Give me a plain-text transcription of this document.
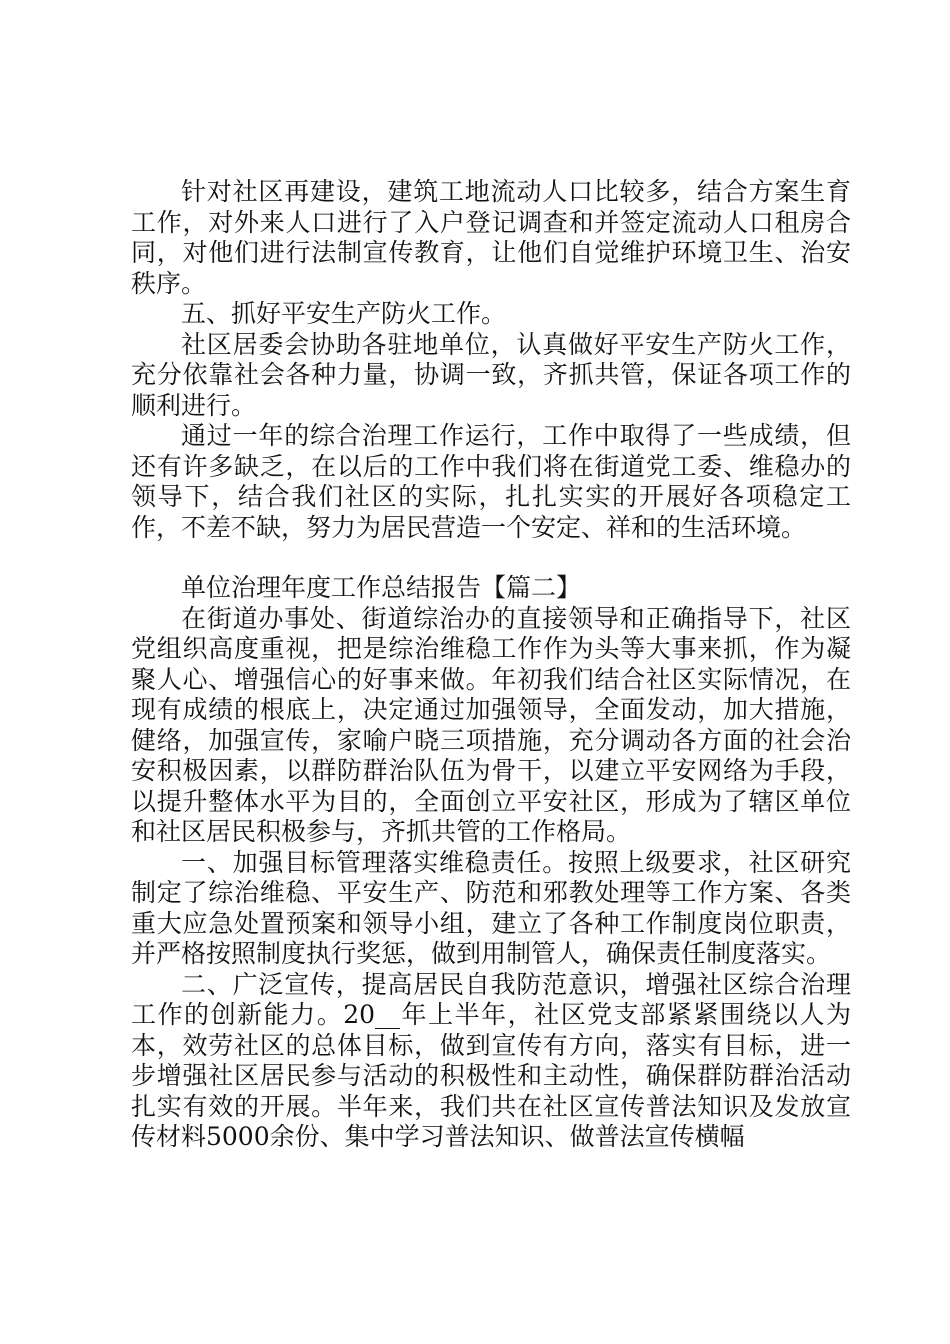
针对社区再建设，建筑工地流动人口比较多，结合方案生育工作，对外来人口进行了入户登记调查和并签定流动人口租房合同，对他们进行法制宣传教育，让他们自觉维护环境卫生、治安秩序。

五、抓好平安生产防火工作。

社区居委会协助各驻地单位，认真做好平安生产防火工作，充分依靠社会各种力量，协调一致，齐抓共管，保证各项工作的顺利进行。

通过一年的综合治理工作运行，工作中取得了一些成绩，但还有许多缺乏，在以后的工作中我们将在街道党工委、维稳办的领导下，结合我们社区的实际，扎扎实实的开展好各项稳定工作，不差不缺，努力为居民营造一个安定、祥和的生活环境。

单位治理年度工作总结报告【篇二】

在街道办事处、街道综治办的直接领导和正确指导下，社区党组织高度重视，把是综治维稳工作作为头等大事来抓，作为凝聚人心、增强信心的好事来做。年初我们结合社区实际情况，在现有成绩的根底上，决定通过加强领导，全面发动，加大措施，健络，加强宣传，家喻户晓三项措施，充分调动各方面的社会治安积极因素，以群防群治队伍为骨干，以建立平安网络为手段，以提升整体水平为目的，全面创立平安社区，形成为了辖区单位和社区居民积极参与，齐抓共管的工作格局。

一、加强目标管理落实维稳责任。按照上级要求，社区研究制定了综治维稳、平安生产、防范和邪教处理等工作方案、各类重大应急处置预案和领导小组，建立了各种工作制度岗位职责，并严格按照制度执行奖惩，做到用制管人，确保责任制度落实。

二、广泛宣传，提高居民自我防范意识，增强社区综合治理工作的创新能力。20__年上半年，社区党支部紧紧围绕以人为本，效劳社区的总体目标，做到宣传有方向，落实有目标，进一步增强社区居民参与活动的积极性和主动性，确保群防群治活动扎实有效的开展。半年来，我们共在社区宣传普法知识及发放宣传材料5000余份、集中学习普法知识、做普法宣传横幅
